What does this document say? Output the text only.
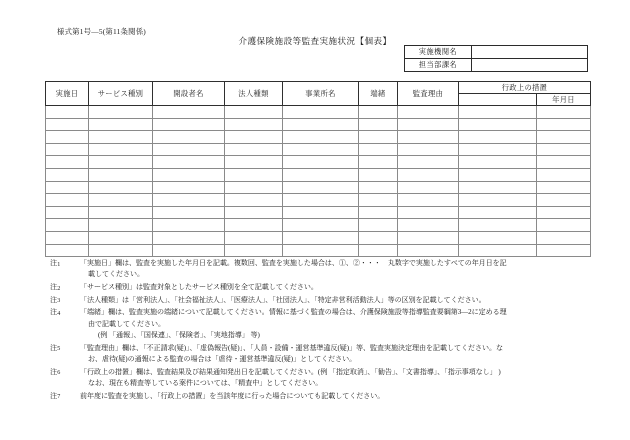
様式第1号―5(第11条関係)
介護保険施設等監査実施状況【個表】
実施機関名	
担当部課名	
実施日	サービス種別	開設者名	法人種類	事業所名	端緒	監査理由	行政上の措置	
								年月日

注$_1$	「実施日」欄は、監査を実施した年月日を記載。複数回、監査を実施した場合は、①、②・・・　丸数字で実施したすべての年月日を記
載してください。
注$_2$	「サービス種別」は監査対象としたサービス種別を全て記載してください。
注$_3$	「法人種類」は「営利法人」、「社会福祉法人」、「医療法人」、「社団法人」、「特定非営利活動法人」等の区別を記載してください。
注$_4$	「端緒」欄は、監査実施の端緒について記載してください。情報に基づく監査の場合は、介護保険施設等指導監査要綱第3―2に定める理
由で記載してください。
(例 「通報」、「国保連」、「保険者」、「実地指導」 等)
注$_5$	「監査理由」欄は、「不正請求(疑)」、「虚偽報告(疑)」、「人員・設備・運営基準違反(疑)」等、監査実施決定理由を記載してください。な
お、虐待(疑)の通報による監査の場合は「虐待・運営基準違反(疑)」としてください。
注$_6$	「行政上の措置」欄は、監査結果及び結果通知発出日を記載してください。(例 「指定取消」、「勧告」、「文書指導」、「指示事項なし」 )
なお、現在も精査等している案件については、「精査中」としてください。
注$_7$	前年度に監査を実施し、「行政上の措置」を当該年度に行った場合についても記載してください。
